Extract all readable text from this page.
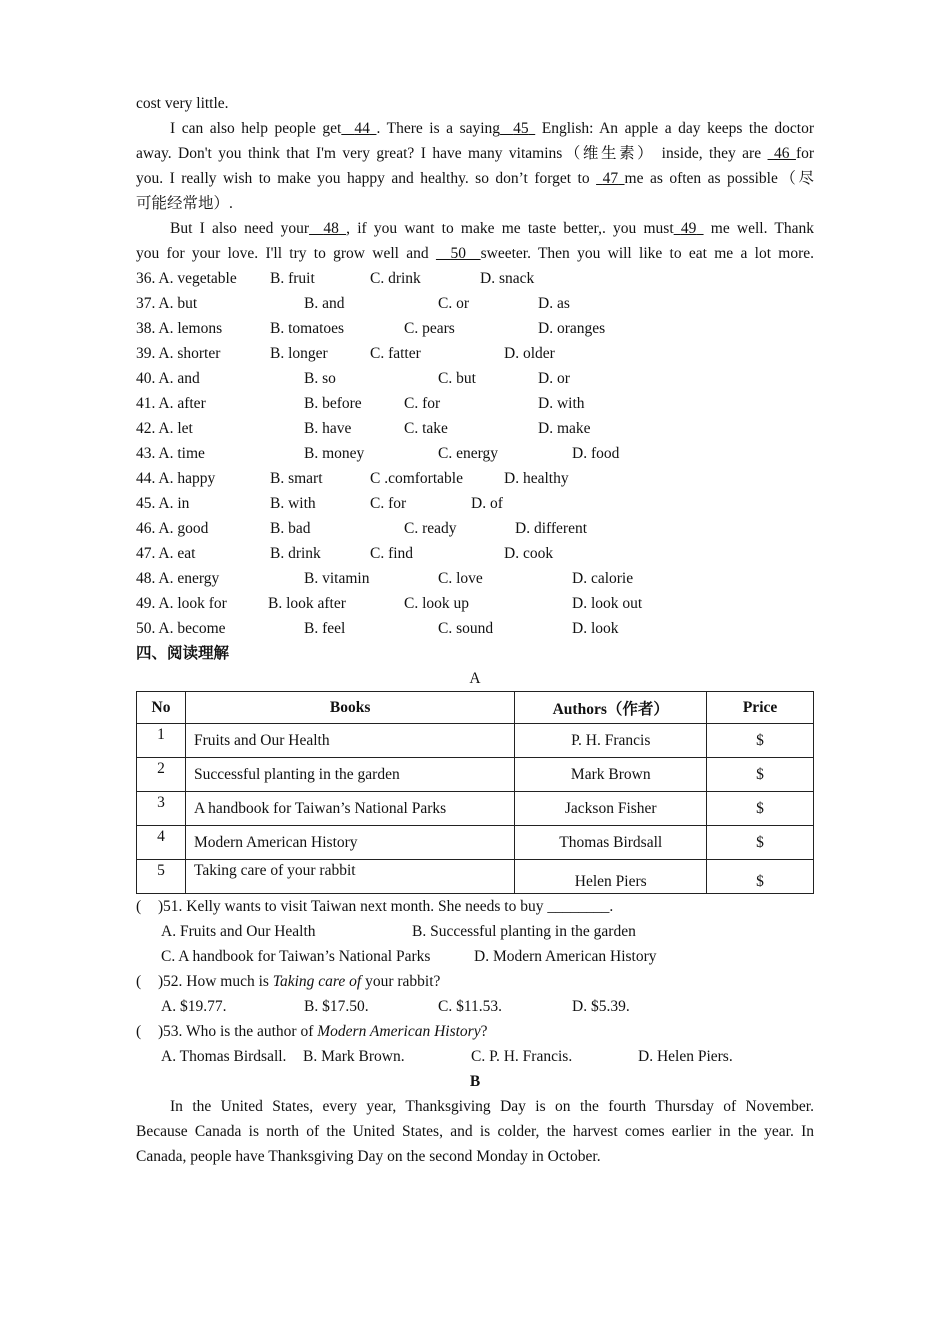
cost very little.
I can also help people get 44 . There is a saying 45 English: An apple a day keeps the doctor
away. Don't you think that I'm very great? I have many vitamins（维生素） inside, they are 46 for
you. I really wish to make you happy and healthy. so don’t forget to 47 me as often as possible（尽
可能经常地）.
But I also need your 48 , if you want to make me taste better,. you must 49 me well. Thank
you for your love. I'll try to grow well and 50 sweeter. Then you will like to eat me a lot more.
36. A. vegetable B. fruit	C. drink	D. snack
37. A. but	B. and	C. or	D. as
38. A. lemons	B. tomatoes	C. pears	D. oranges
39. A. shorter	B. longer	C. fatter	D. older
40. A. and	B. so	C. but	D. or
41. A. after	B. before	C. for	D. with
42. A. let	B. have	C. take	D. make
43. A. time	B. money	C. energy	D. food
44. A. happy	B. smart	C .comfortable	D. healthy
45. A. in	B. with	C. for	D. of
46. A. good	B. bad	C. ready	D. different
47. A. eat	B. drink	C. find	D. cook
48. A. energy	B. vitamin	C. love	D. calorie
49. A. look for	B. look after	C. look up	D. look out
50. A. become	B. feel	C. sound	D. look
四、阅读理解
A
No	Books	Authors（作者）	Price
1	Fruits and Our Health	P. H. Francis	$
2	Successful planting in the garden	Mark Brown	$
3	A handbook for Taiwan’s National Parks	Jackson Fisher	$
4	Modern American History	Thomas Birdsall	$
5	Taking care of your rabbit	Helen Piers	$
( ) 51. Kelly wants to visit Taiwan next month. She needs to buy ________.
A. Fruits and Our Health	B. Successful planting in the garden
C. A handbook for Taiwan’s National Parks	D. Modern American History
( ) 52. How much is Taking care of your rabbit?
A. $19.77.	B. $17.50.	C. $11.53.	D. $5.39.
( ) 53. Who is the author of Modern American History?
A. Thomas Birdsall. B. Mark Brown.	C. P. H. Francis.	D. Helen Piers.
B
In the United States, every year, Thanksgiving Day is on the fourth Thursday of November.
Because Canada is north of the United States, and is colder, the harvest comes earlier in the year. In
Canada, people have Thanksgiving Day on the second Monday in October.
